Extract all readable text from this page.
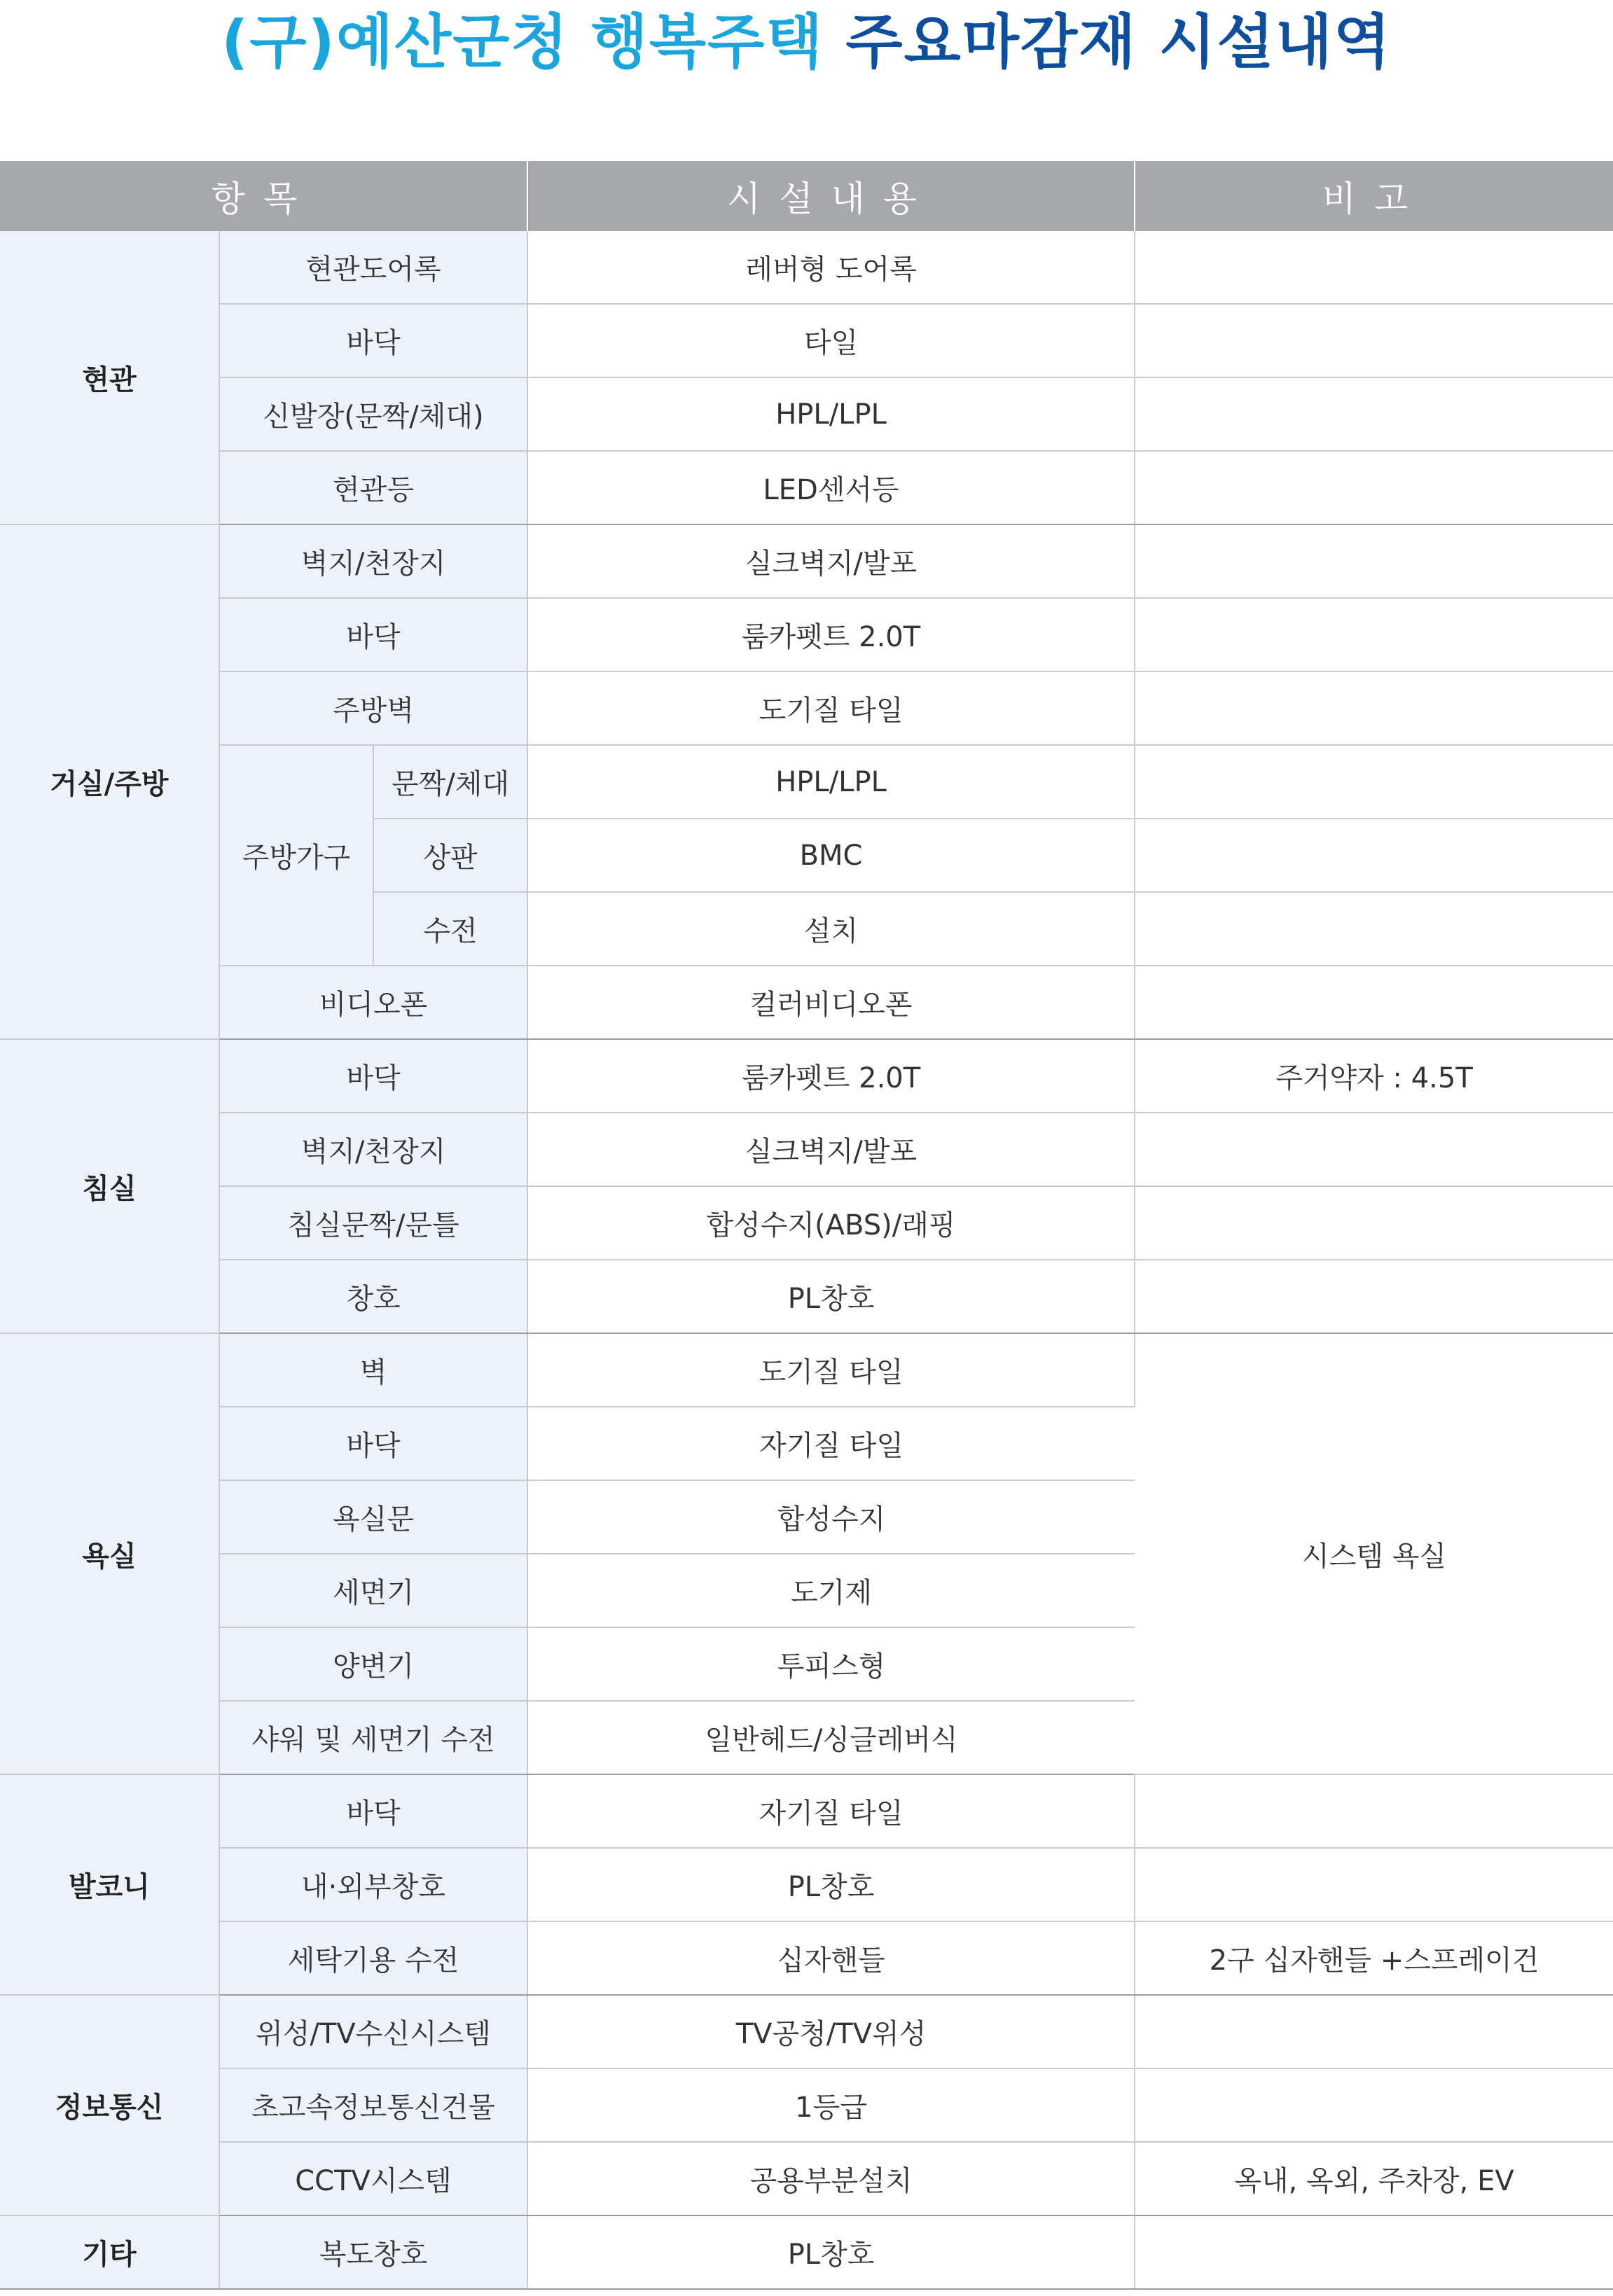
(구)예산군청 행복주택 주요마감재 시설내역
항목			시설내용	비고
현관	현관도어록		레버형 도어록	
	바닥		타일	
	신발장(문짝/체대)		HPL/LPL	
	현관등		LED센서등	
거실/주방	벽지/천장지		실크벽지/발포	
	바닥		룸카펫트 2.0T	
	주방벽		도기질 타일	
	주방가구	문짝/체대	HPL/LPL	
		상판	BMC	
		수전	설치	
	비디오폰		컬러비디오폰	
침실	바닥		룸카펫트 2.0T	주거약자 : 4.5T
	벽지/천장지		실크벽지/발포	
	침실문짝/문틀		합성수지(ABS)/래핑	
	창호		PL창호	
욕실	벽		도기질 타일	시스템 욕실
	바닥		자기질 타일	
	욕실문		합성수지	
	세면기		도기제	
	양변기		투피스형	
	샤워 및 세면기 수전		일반헤드/싱글레버식	
발코니	바닥		자기질 타일	
	내·외부창호		PL창호	
	세탁기용 수전		십자핸들	2구 십자핸들 +스프레이건
정보통신	위성/TV수신시스템		TV공청/TV위성	
	초고속정보통신건물		1등급	
	CCTV시스템		공용부분설치	옥내, 옥외, 주차장, EV
기타	복도창호		PL창호	
